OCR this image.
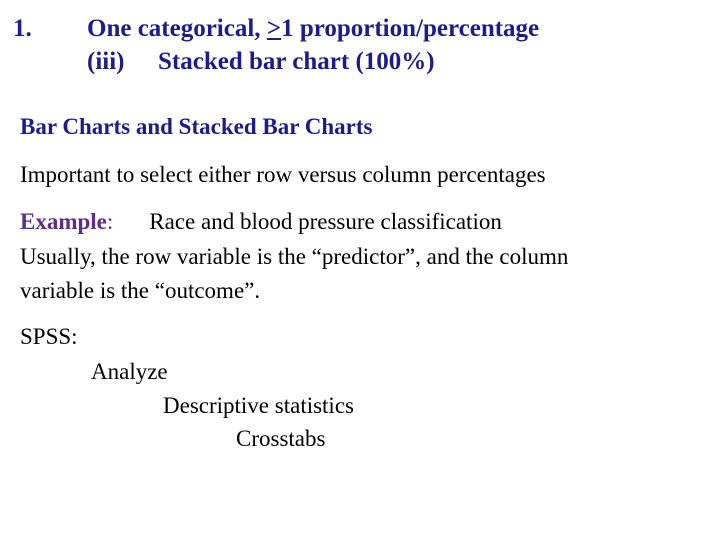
1. One categorical, >1 proportion/percentage
(iii) Stacked bar chart (100%)
Bar Charts and Stacked Bar Charts
Important to select either row versus column percentages
Example: Race and blood pressure classification
Usually, the row variable is the “predictor”, and the column
variable is the “outcome”.
SPSS:
Analyze
Descriptive statistics
Crosstabs
